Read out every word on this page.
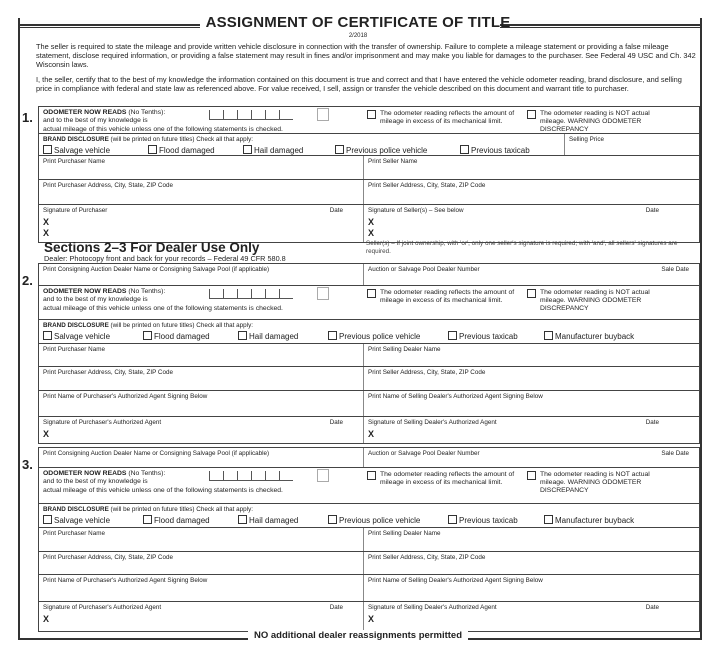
ASSIGNMENT OF CERTIFICATE OF TITLE
2/2018
The seller is required to state the mileage and provide written vehicle disclosure in connection with the transfer of ownership. Failure to complete a mileage statement or providing a false mileage statement, disclose required information, or providing a false statement may result in fines and/or imprisonment and may make you liable for damages to the purchaser. See Federal 49 USC and Ch. 342 Wisconsin laws.
I, the seller, certify that to the best of my knowledge the information contained on this document is true and correct and that I have entered the vehicle odometer reading, brand disclosure, and selling price in compliance with federal and state law as referenced above. For value received, I sell, assign or transfer the vehicle described on this document and warrant title to purchaser.
1. ODOMETER NOW READS (No Tenths):
and to the best of my knowledge is
actual mileage of this vehicle unless one of the following statements is checked.
The odometer reading reflects the amount of mileage in excess of its mechanical limit.
The odometer reading is NOT actual mileage. WARNING ODOMETER DISCREPANCY
BRAND DISCLOSURE (will be printed on future titles) Check all that apply:
Salvage vehicle	Flood damaged	Hail damaged	Previous police vehicle	Previous taxicab
Selling Price
Print Purchaser Name	Print Seller Name
Print Purchaser Address, City, State, ZIP Code	Print Seller Address, City, State, ZIP Code
Signature of Purchaser	Date
X
X
Signature of Seller(s) – See below	Date
X
X
2.
Print Consigning Auction Dealer Name or Consigning Salvage Pool (if applicable)	Auction or Salvage Pool Dealer Number	Sale Date
ODOMETER NOW READS (No Tenths):
and to the best of my knowledge is
actual mileage of this vehicle unless one of the following statements is checked.
The odometer reading reflects the amount of mileage in excess of its mechanical limit.
The odometer reading is NOT actual mileage. WARNING ODOMETER DISCREPANCY
BRAND DISCLOSURE (will be printed on future titles) Check all that apply:
Salvage vehicle	Flood damaged	Hail damaged	Previous police vehicle	Previous taxicab	Manufacturer buyback
Print Purchaser Name	Print Selling Dealer Name
Print Purchaser Address, City, State, ZIP Code	Print Seller Address, City, State, ZIP Code
Print Name of Purchaser's Authorized Agent Signing Below	Print Name of Selling Dealer's Authorized Agent Signing Below
Signature of Purchaser's Authorized Agent	Date
X
Signature of Selling Dealer's Authorized Agent	Date
X
3.
Print Consigning Auction Dealer Name or Consigning Salvage Pool (if applicable)	Auction or Salvage Pool Dealer Number	Sale Date
ODOMETER NOW READS (No Tenths):
and to the best of my knowledge is
actual mileage of this vehicle unless one of the following statements is checked.
The odometer reading reflects the amount of mileage in excess of its mechanical limit.
The odometer reading is NOT actual mileage. WARNING ODOMETER DISCREPANCY
BRAND DISCLOSURE (will be printed on future titles) Check all that apply:
Salvage vehicle	Flood damaged	Hail damaged	Previous police vehicle	Previous taxicab	Manufacturer buyback
Print Purchaser Name	Print Selling Dealer Name
Print Purchaser Address, City, State, ZIP Code	Print Seller Address, City, State, ZIP Code
Print Name of Purchaser's Authorized Agent Signing Below	Print Name of Selling Dealer's Authorized Agent Signing Below
Signature of Purchaser's Authorized Agent	Date
X
Signature of Selling Dealer's Authorized Agent	Date
X
Sections 2–3 For Dealer Use Only
Dealer: Photocopy front and back for your records – Federal 49 CFR 580.8
Seller(s) – If joint ownership, with 'or', only one seller's signature is required; with 'and', all sellers' signatures are required.
NO additional dealer reassignments permitted
